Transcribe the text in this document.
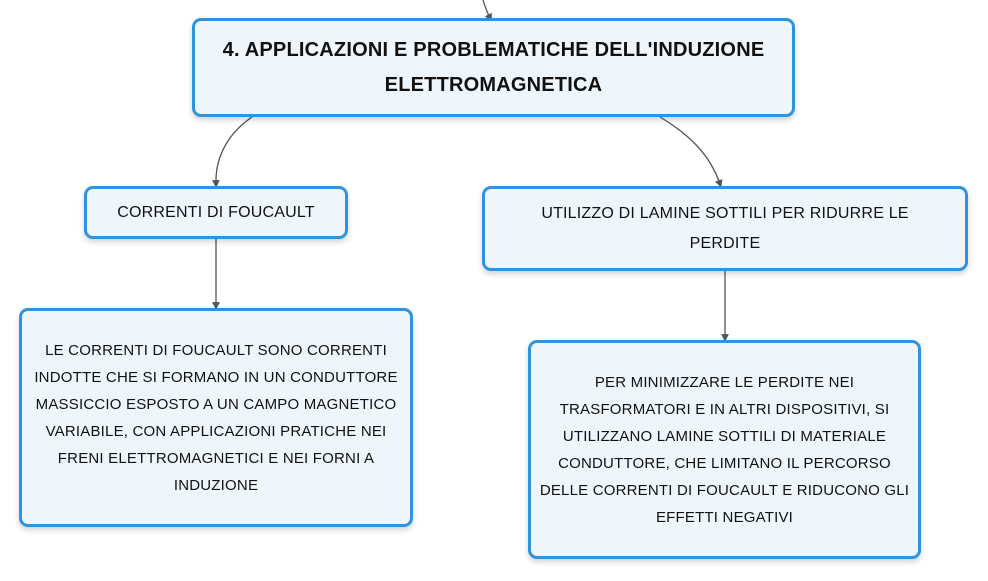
4. APPLICAZIONI E PROBLEMATICHE DELL'INDUZIONE ELETTROMAGNETICA
CORRENTI DI FOUCAULT	UTILIZZO DI LAMINE SOTTILI PER RIDURRE LE PERDITE
LE CORRENTI DI FOUCAULT SONO CORRENTI INDOTTE CHE SI FORMANO IN UN CONDUTTORE MASSICCIO ESPOSTO A UN CAMPO MAGNETICO VARIABILE, CON APPLICAZIONI PRATICHE NEI FRENI ELETTROMAGNETICI E NEI FORNI A INDUZIONE
PER MINIMIZZARE LE PERDITE NEI TRASFORMATORI E IN ALTRI DISPOSITIVI, SI UTILIZZANO LAMINE SOTTILI DI MATERIALE CONDUTTORE, CHE LIMITANO IL PERCORSO DELLE CORRENTI DI FOUCAULT E RIDUCONO GLI EFFETTI NEGATIVI
